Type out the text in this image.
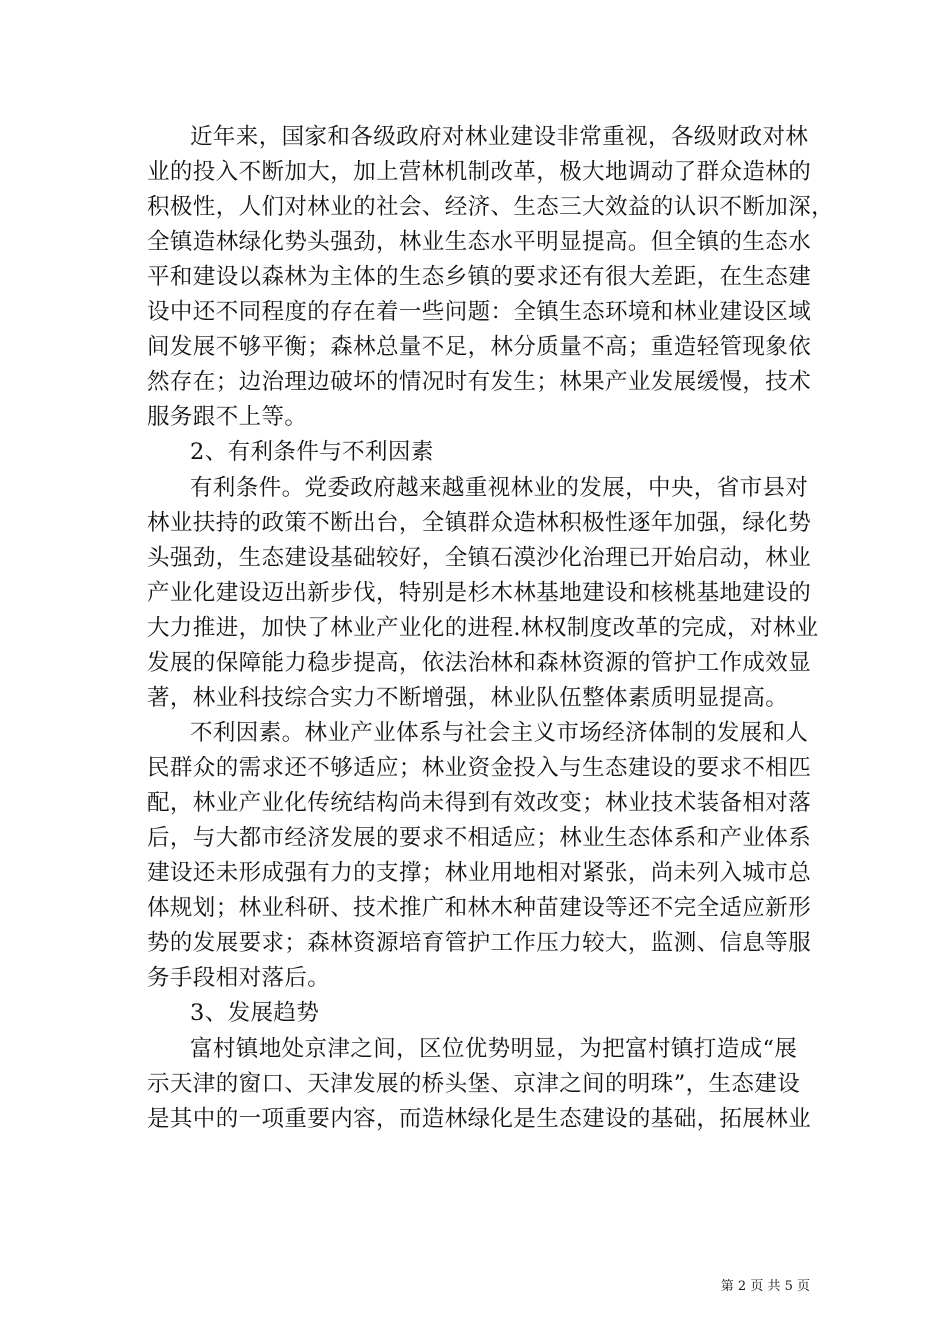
近年来，国家和各级政府对林业建设非常重视，各级财政对林
业的投入不断加大，加上营林机制改革，极大地调动了群众造林的
积极性，人们对林业的社会、经济、生态三大效益的认识不断加深，
全镇造林绿化势头强劲，林业生态水平明显提高。但全镇的生态水
平和建设以森林为主体的生态乡镇的要求还有很大差距，在生态建
设中还不同程度的存在着一些问题：全镇生态环境和林业建设区域
间发展不够平衡；森林总量不足，林分质量不高；重造轻管现象依
然存在；边治理边破坏的情况时有发生；林果产业发展缓慢，技术
服务跟不上等。
2、有利条件与不利因素
有利条件。党委政府越来越重视林业的发展，中央，省市县对
林业扶持的政策不断出台，全镇群众造林积极性逐年加强，绿化势
头强劲，生态建设基础较好，全镇石漠沙化治理已开始启动，林业
产业化建设迈出新步伐，特别是杉木林基地建设和核桃基地建设的
大力推进，加快了林业产业化的进程.林权制度改革的完成，对林业
发展的保障能力稳步提高，依法治林和森林资源的管护工作成效显
著，林业科技综合实力不断增强，林业队伍整体素质明显提高。
不利因素。林业产业体系与社会主义市场经济体制的发展和人
民群众的需求还不够适应；林业资金投入与生态建设的要求不相匹
配，林业产业化传统结构尚未得到有效改变；林业技术装备相对落
后，与大都市经济发展的要求不相适应；林业生态体系和产业体系
建设还未形成强有力的支撑；林业用地相对紧张，尚未列入城市总
体规划；林业科研、技术推广和林木种苗建设等还不完全适应新形
势的发展要求；森林资源培育管护工作压力较大，监测、信息等服
务手段相对落后。
3、发展趋势
富村镇地处京津之间，区位优势明显，为把富村镇打造成“展
示天津的窗口、天津发展的桥头堡、京津之间的明珠”，生态建设
是其中的一项重要内容，而造林绿化是生态建设的基础，拓展林业
第 2 页 共 5 页
